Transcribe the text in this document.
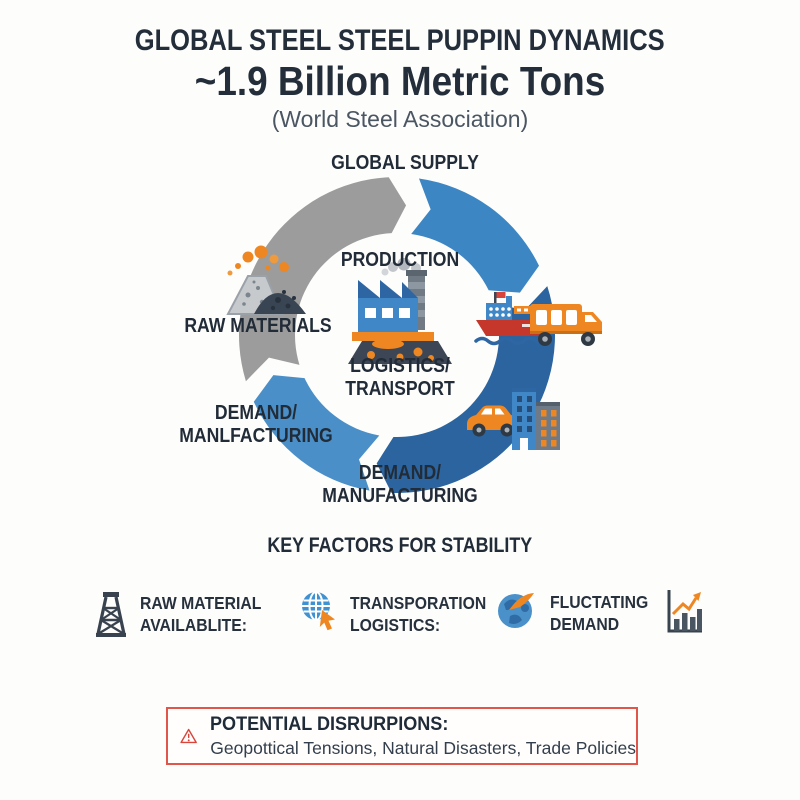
GLOBAL STEEL STEEL PUPPIN DYNAMICS
~1.9 Billion Metric Tons
(World Steel Association)
GLOBAL SUPPLY
PRODUCTION
LOGISTICS/
TRANSPORT
RAW MATERIALS
DEMAND/
MANLFACTURING
DEMAND/
MANUFACTURING
KEY FACTORS FOR STABILITY
RAW MATERIAL
AVAILABLITE:
TRANSPORATION
LOGISTICS:
FLUCTATING
DEMAND
POTENTIAL DISRURPIONS:
Geopottical Tensions, Natural Disasters, Trade Policies
